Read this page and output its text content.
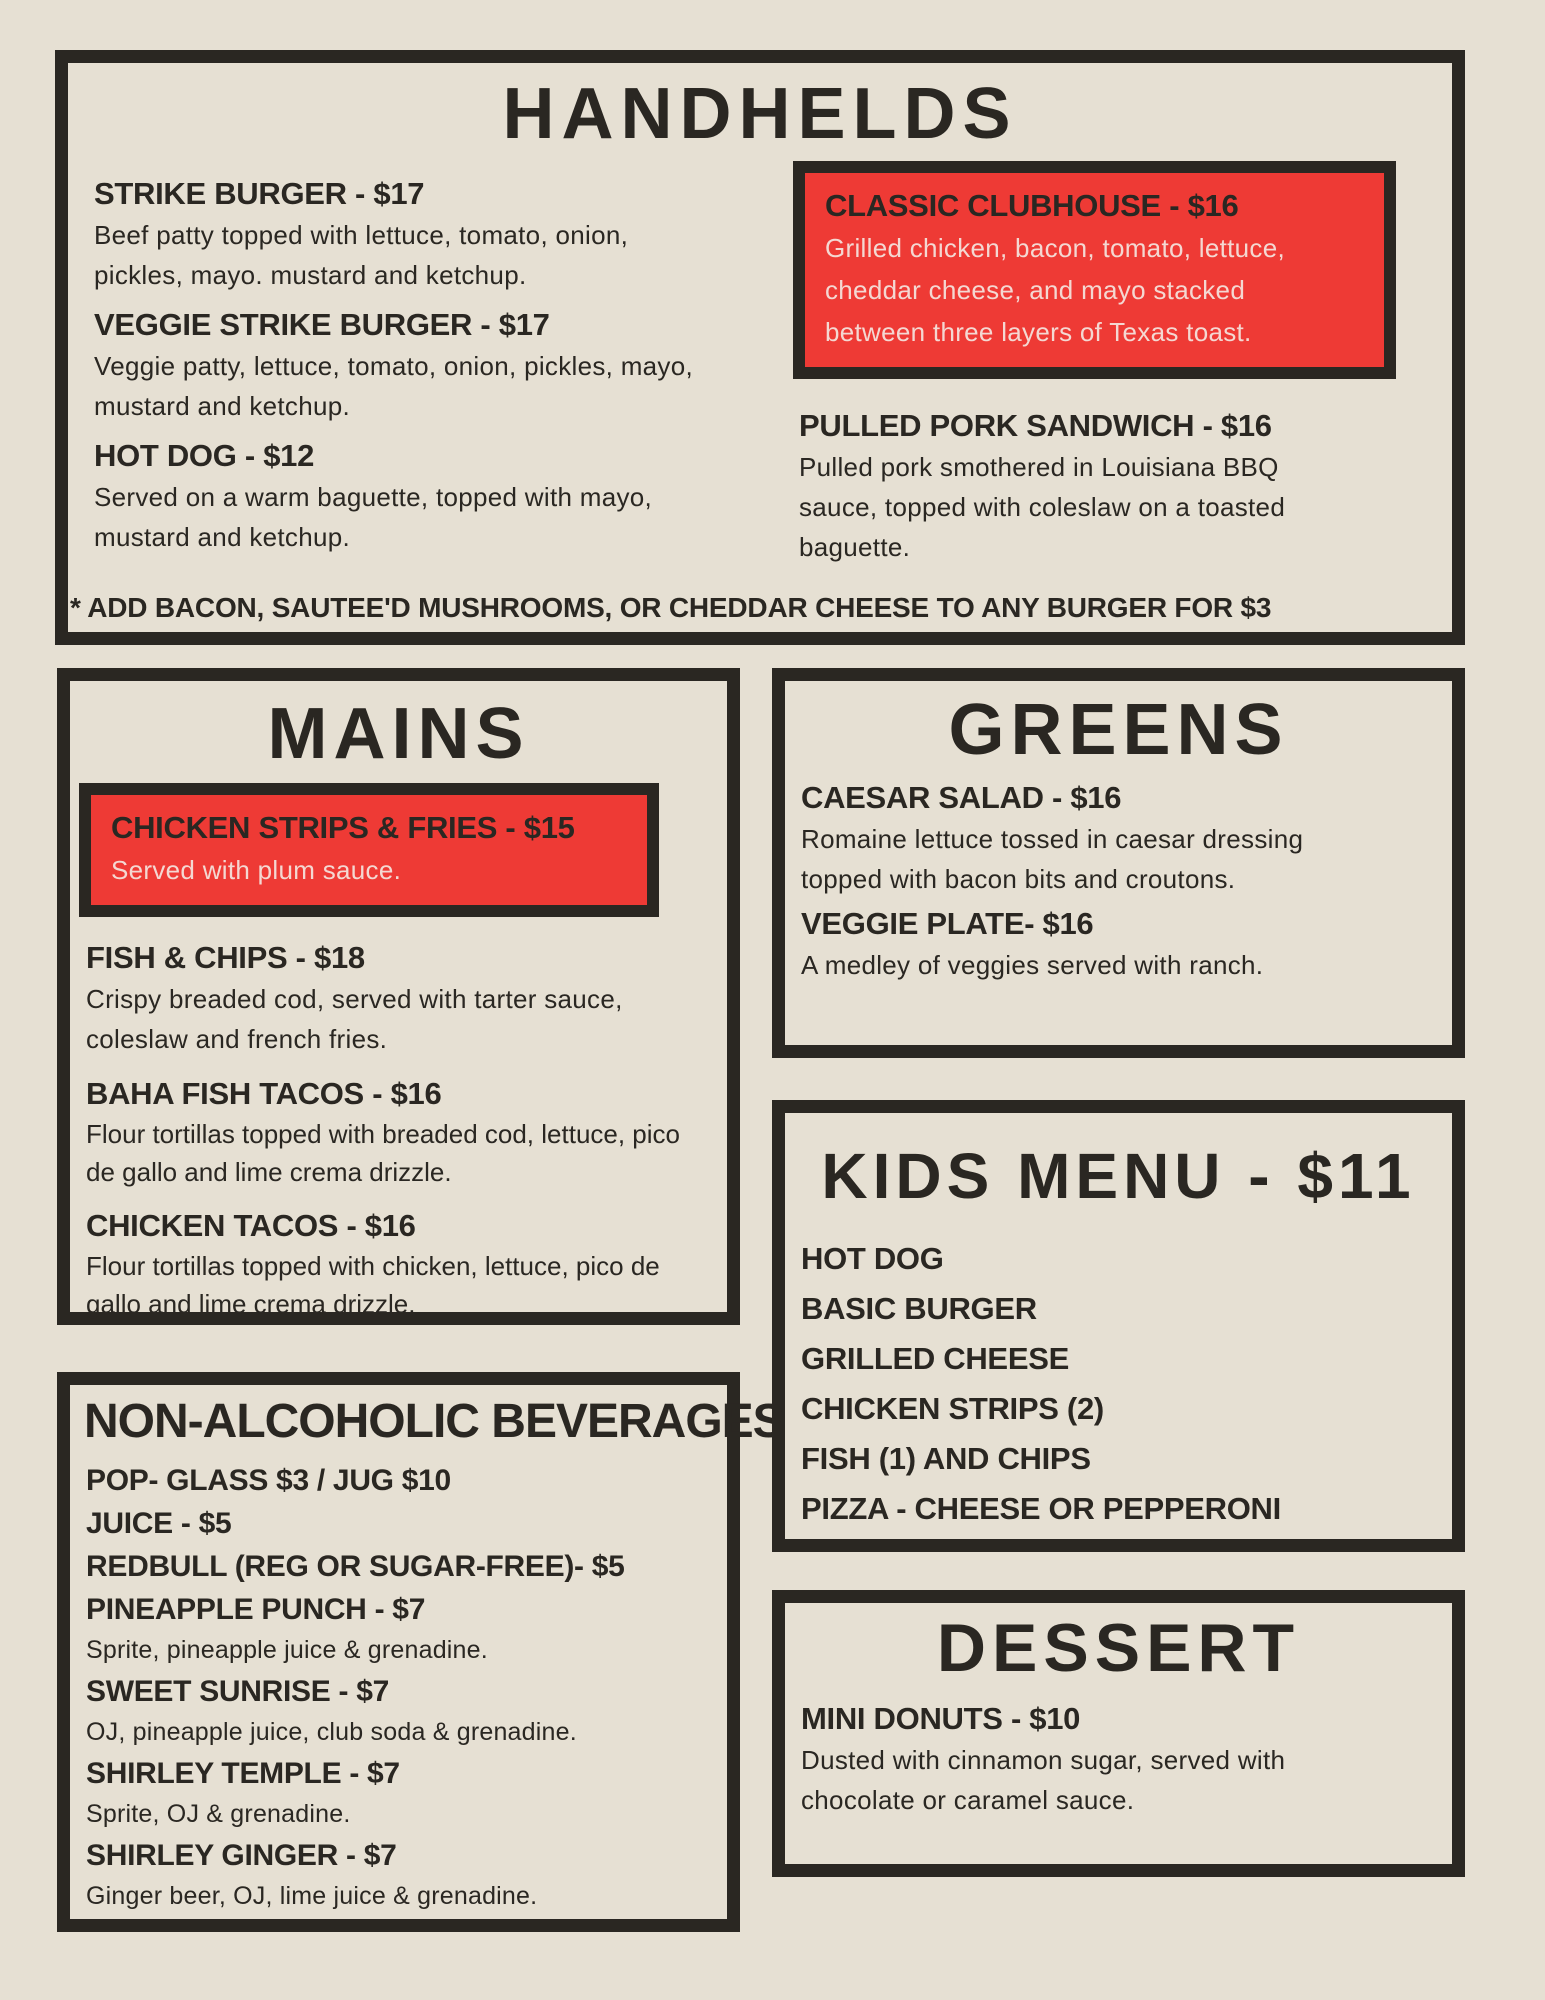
HANDHELDS
STRIKE BURGER - $17
Beef patty topped with lettuce, tomato, onion, pickles, mayo. mustard and ketchup.
VEGGIE STRIKE BURGER - $17
Veggie patty, lettuce, tomato, onion, pickles, mayo, mustard and ketchup.
HOT DOG - $12
Served on a warm baguette, topped with mayo, mustard and ketchup.
CLASSIC CLUBHOUSE - $16
Grilled chicken, bacon, tomato, lettuce, cheddar cheese, and mayo stacked between three layers of Texas toast.
PULLED PORK SANDWICH - $16
Pulled pork smothered in Louisiana BBQ sauce, topped with coleslaw on a toasted baguette.
* ADD BACON, SAUTEE'D MUSHROOMS, OR CHEDDAR CHEESE TO ANY BURGER FOR $3
MAINS
CHICKEN STRIPS & FRIES - $15
Served with plum sauce.
FISH & CHIPS - $18
Crispy breaded cod, served with tarter sauce, coleslaw and french fries.
BAHA FISH TACOS - $16
Flour tortillas topped with breaded cod, lettuce, pico de gallo and lime crema drizzle.
CHICKEN TACOS - $16
Flour tortillas topped with chicken, lettuce, pico de gallo and lime crema drizzle.
GREENS
CAESAR SALAD - $16
Romaine lettuce tossed in caesar dressing topped with bacon bits and croutons.
VEGGIE PLATE- $16
A medley of veggies served with ranch.
KIDS MENU - $11
HOT DOG
BASIC BURGER
GRILLED CHEESE
CHICKEN STRIPS (2)
FISH (1) AND CHIPS
PIZZA - CHEESE OR PEPPERONI
NON-ALCOHOLIC BEVERAGES
POP- GLASS $3 / JUG $10
JUICE - $5
REDBULL (REG OR SUGAR-FREE)- $5
PINEAPPLE PUNCH - $7
Sprite, pineapple juice & grenadine.
SWEET SUNRISE - $7
OJ, pineapple juice, club soda & grenadine.
SHIRLEY TEMPLE - $7
Sprite, OJ & grenadine.
SHIRLEY GINGER - $7
Ginger beer, OJ, lime juice & grenadine.
DESSERT
MINI DONUTS - $10
Dusted with cinnamon sugar, served with chocolate or caramel sauce.
